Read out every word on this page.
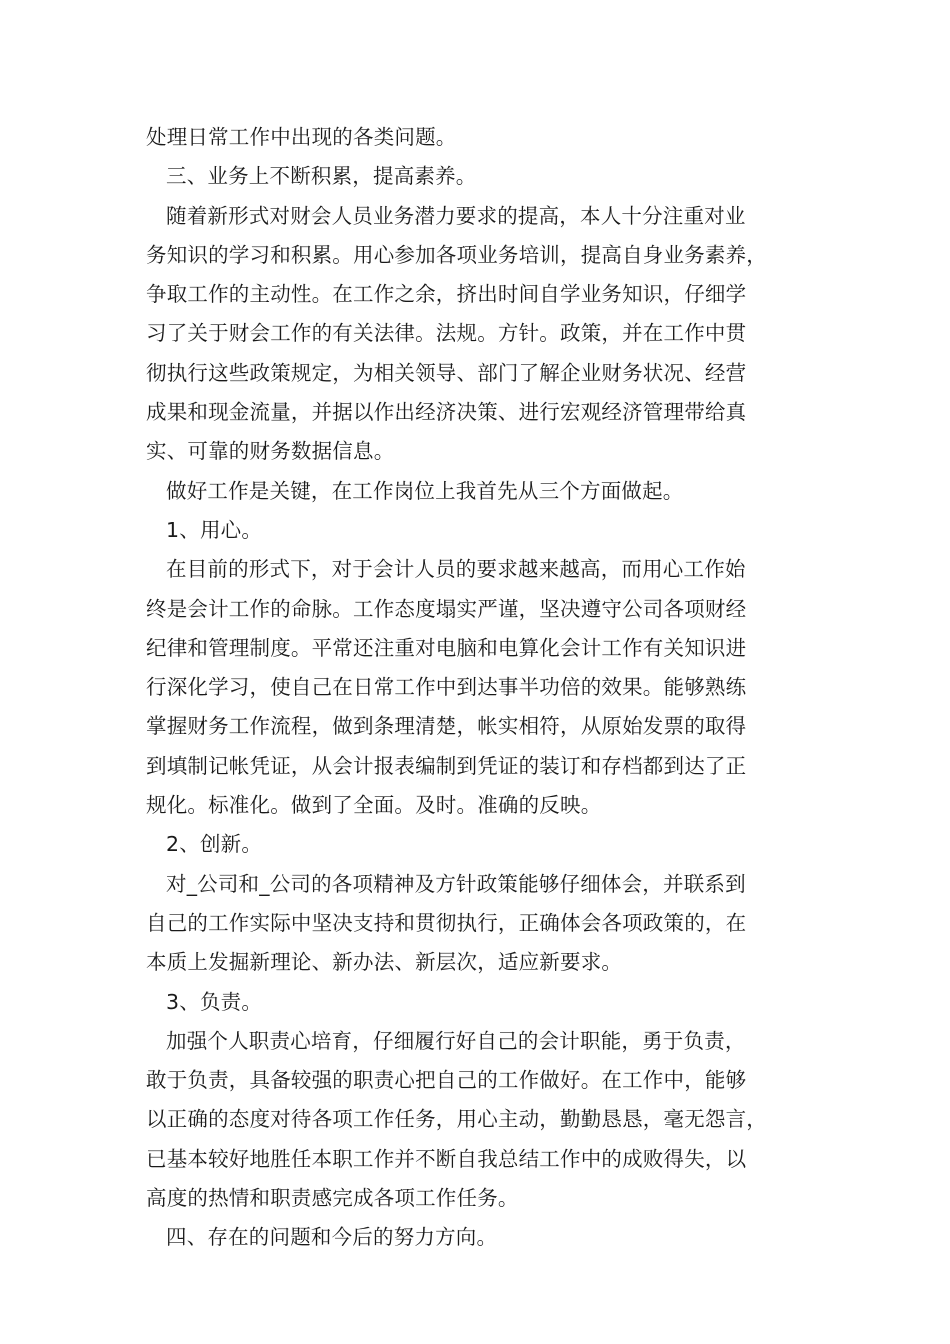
处理日常工作中出现的各类问题。
三、业务上不断积累，提高素养。
随着新形式对财会人员业务潜力要求的提高，本人十分注重对业
务知识的学习和积累。用心参加各项业务培训，提高自身业务素养，
争取工作的主动性。在工作之余，挤出时间自学业务知识，仔细学
习了关于财会工作的有关法律。法规。方针。政策，并在工作中贯
彻执行这些政策规定，为相关领导、部门了解企业财务状况、经营
成果和现金流量，并据以作出经济决策、进行宏观经济管理带给真
实、可靠的财务数据信息。
做好工作是关键，在工作岗位上我首先从三个方面做起。
1、用心。
在目前的形式下，对于会计人员的要求越来越高，而用心工作始
终是会计工作的命脉。工作态度塌实严谨，坚决遵守公司各项财经
纪律和管理制度。平常还注重对电脑和电算化会计工作有关知识进
行深化学习，使自己在日常工作中到达事半功倍的效果。能够熟练
掌握财务工作流程，做到条理清楚，帐实相符，从原始发票的取得
到填制记帐凭证，从会计报表编制到凭证的装订和存档都到达了正
规化。标准化。做到了全面。及时。准确的反映。
2、创新。
对_公司和_公司的各项精神及方针政策能够仔细体会，并联系到
自己的工作实际中坚决支持和贯彻执行，正确体会各项政策的，在
本质上发掘新理论、新办法、新层次，适应新要求。
3、负责。
加强个人职责心培育，仔细履行好自己的会计职能，勇于负责，
敢于负责，具备较强的职责心把自己的工作做好。在工作中，能够
以正确的态度对待各项工作任务，用心主动，勤勤恳恳，毫无怨言，
已基本较好地胜任本职工作并不断自我总结工作中的成败得失，以
高度的热情和职责感完成各项工作任务。
四、存在的问题和今后的努力方向。
